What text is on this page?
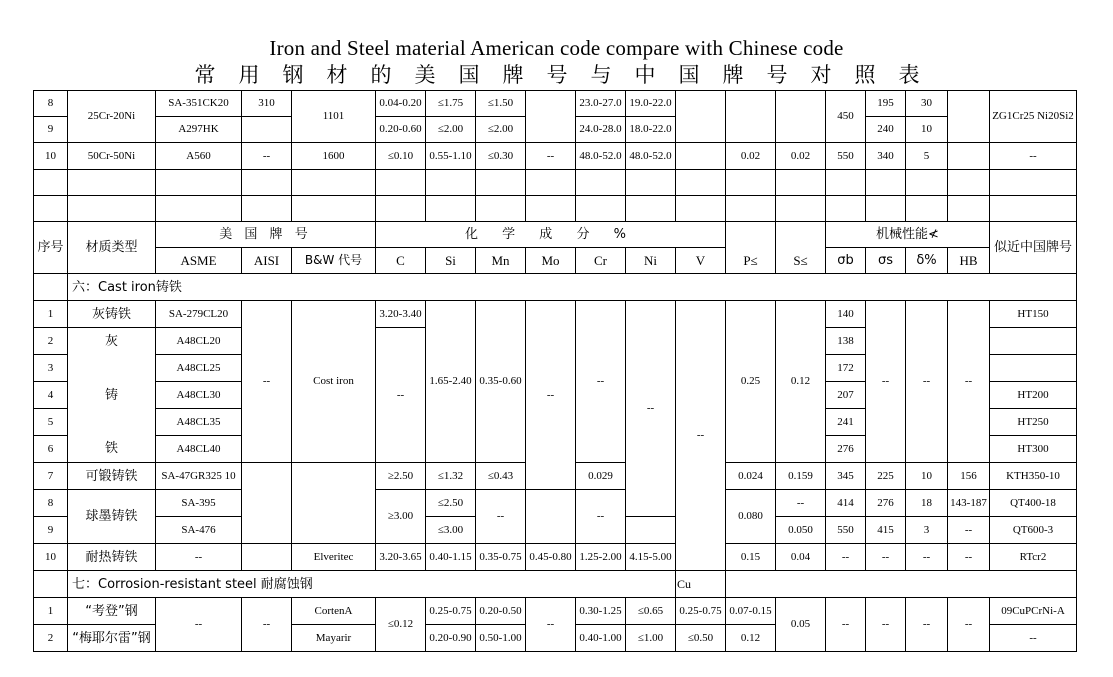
Iron and Steel material American code compare with Chinese code
常用钢材的美国牌号与中国牌号对照表
8	25Cr-20Ni	SA-351CK20	310	1101	0.04-0.20	≤1.75	≤1.50		23.0-27.0	19.0-22.0				450	195	30		ZG1Cr25 Ni20Si2
9		A297HK			0.20-0.60	≤2.00	≤2.00		24.0-28.0	18.0-22.0					240	10		
10	50Cr-50Ni	A560	--	1600	≤0.10	0.55-1.10	≤0.30	--	48.0-52.0	48.0-52.0		0.02	0.02	550	340	5		--

序号	材质类型	美 国 牌 号			化 学 成 分 %									机械性能≮				似近中国牌号
		ASME	AISI	B&W 代号	C	Si	Mn	Mo	Cr	Ni	V	P≤	S≤	σb	σs	δ%	HB	
	六：Cast iron铸铁																	
1	灰铸铁	SA-279CL20	--	Cost iron	3.20-3.40	1.65-2.40	0.35-0.60	--	--	--	--	0.25	0.12	140	--	--	--	HT150
2	灰	A48CL20			--									138				
3		A48CL25												172				
4	铸	A48CL30												207				HT200
5		A48CL35												241				HT250
6	铁	A48CL40												276				HT300
7	可锻铸铁	SA-47GR325 10			≥2.50	≤1.32	≤0.43		0.029			0.024	0.159	345	225	10	156	KTH350-10
8	球墨铸铁	SA-395			≥3.00	≤2.50	--		--			0.080	--	414	276	18	143-187	QT400-18
9		SA-476				≤3.00							0.050	550	415	3	--	QT600-3
10	耐热铸铁	--		Elveritec	3.20-3.65	0.40-1.15	0.35-0.75	0.45-0.80	1.25-2.00	4.15-5.00		0.15	0.04	--	--	--	--	RTcr2
	七：Corrosion-resistant steel 耐腐蚀钢										Cu							
1	“考登”钢	--	--	CortenA	≤0.12	0.25-0.75	0.20-0.50	--	0.30-1.25	≤0.65	0.25-0.75	0.07-0.15	0.05	--	--	--	--	09CuPCrNi-A
2	“梅耶尔雷”钢			Mayarir		0.20-0.90	0.50-1.00		0.40-1.00	≤1.00	≤0.50	0.12						--
